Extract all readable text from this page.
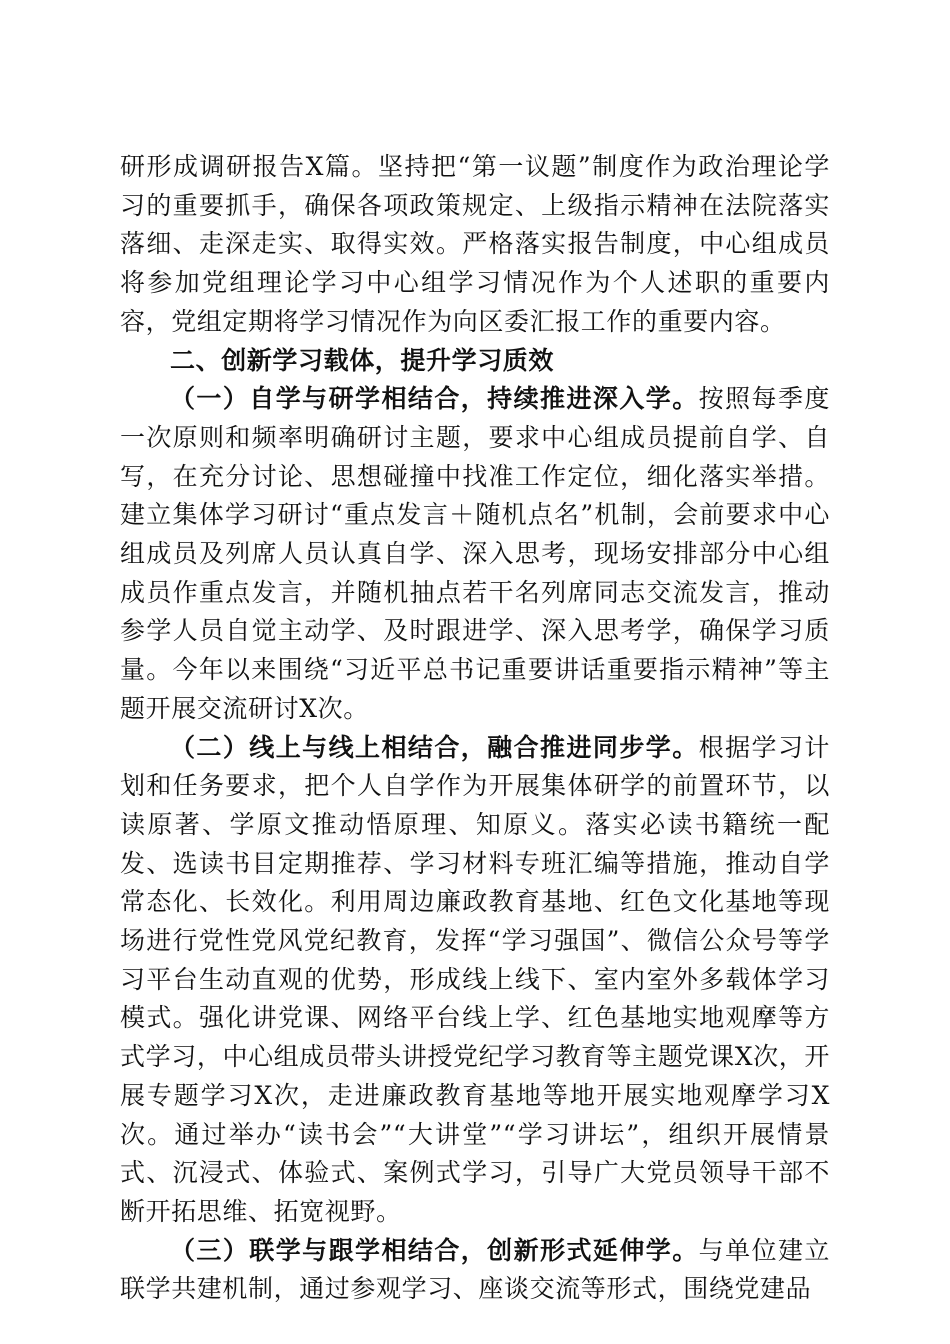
研形成调研报告X篇。坚持把“第一议题”制度作为政治理论学习的重要抓手，确保各项政策规定、上级指示精神在法院落实落细、走深走实、取得实效。严格落实报告制度，中心组成员将参加党组理论学习中心组学习情况作为个人述职的重要内容，党组定期将学习情况作为向区委汇报工作的重要内容。

二、创新学习载体，提升学习质效

（一）自学与研学相结合，持续推进深入学。按照每季度一次原则和频率明确研讨主题，要求中心组成员提前自学、自写，在充分讨论、思想碰撞中找准工作定位，细化落实举措。建立集体学习研讨“重点发言＋随机点名”机制，会前要求中心组成员及列席人员认真自学、深入思考，现场安排部分中心组成员作重点发言，并随机抽点若干名列席同志交流发言，推动参学人员自觉主动学、及时跟进学、深入思考学，确保学习质量。今年以来围绕“习近平总书记重要讲话重要指示精神”等主题开展交流研讨X次。

（二）线上与线上相结合，融合推进同步学。根据学习计划和任务要求，把个人自学作为开展集体研学的前置环节，以读原著、学原文推动悟原理、知原义。落实必读书籍统一配发、选读书目定期推荐、学习材料专班汇编等措施，推动自学常态化、长效化。利用周边廉政教育基地、红色文化基地等现场进行党性党风党纪教育，发挥“学习强国”、微信公众号等学习平台生动直观的优势，形成线上线下、室内室外多载体学习模式。强化讲党课、网络平台线上学、红色基地实地观摩等方式学习，中心组成员带头讲授党纪学习教育等主题党课X次，开展专题学习X次，走进廉政教育基地等地开展实地观摩学习X次。通过举办“读书会”“大讲堂”“学习讲坛”，组织开展情景式、沉浸式、体验式、案例式学习，引导广大党员领导干部不断开拓思维、拓宽视野。

（三）联学与跟学相结合，创新形式延伸学。与单位建立联学共建机制，通过参观学习、座谈交流等形式，围绕党建品
